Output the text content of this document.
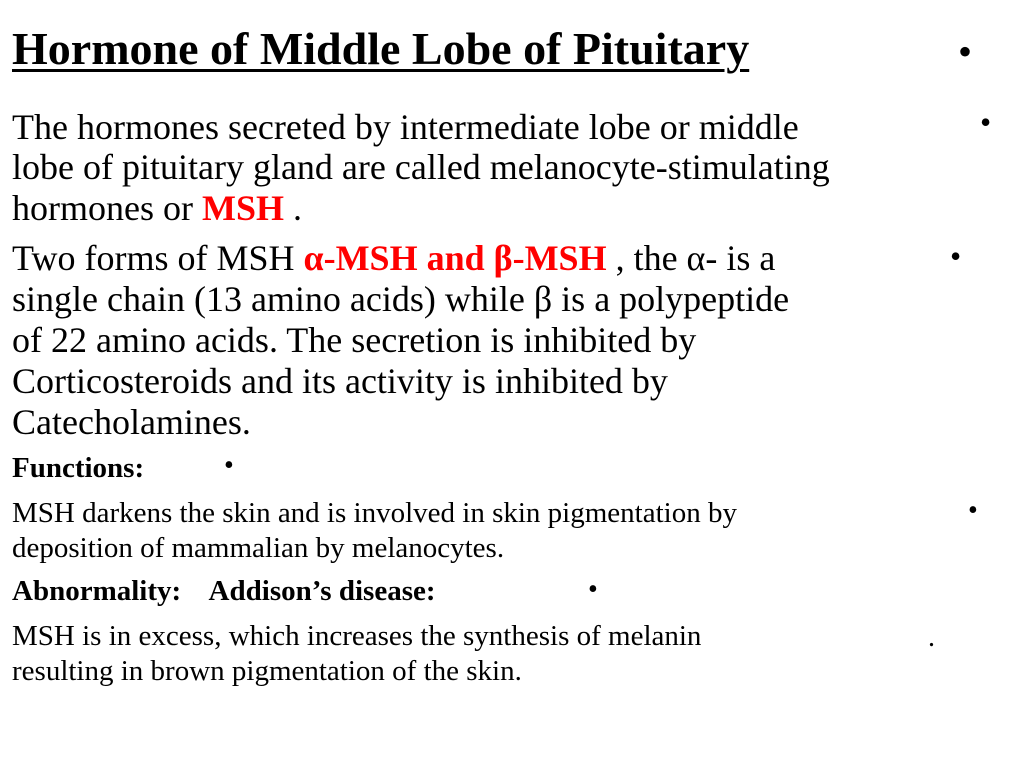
Hormone of Middle Lobe of Pituitary	•
The hormones secreted by intermediate lobe or middle	•
lobe of pituitary gland are called melanocyte-stimulating
hormones or MSH .
Two forms of MSH α-MSH and β-MSH , the α- is a	•
single chain (13 amino acids) while β is a polypeptide
of 22 amino acids. The secretion is inhibited by
Corticosteroids and its activity is inhibited by
Catecholamines.
Functions:	•
MSH darkens the skin and is involved in skin pigmentation by	•
deposition of mammalian by melanocytes.
Abnormality:    Addison’s disease:	•
MSH is in excess, which increases the synthesis of melanin	.
resulting in brown pigmentation of the skin.
